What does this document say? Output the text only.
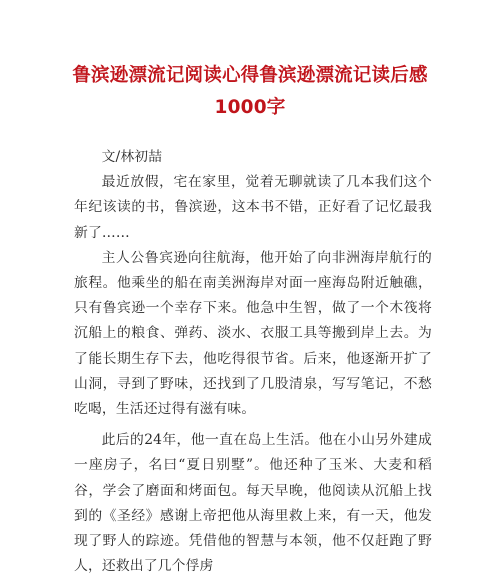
鲁滨逊漂流记阅读心得鲁滨逊漂流记读后感1000字

文/林初喆

最近放假，宅在家里，觉着无聊就读了几本我们这个年纪该读的书，鲁滨逊，这本书不错，正好看了记忆最我新了……

主人公鲁宾逊向往航海，他开始了向非洲海岸航行的旅程。他乘坐的船在南美洲海岸对面一座海岛附近触礁，只有鲁宾逊一个幸存下来。他急中生智，做了一个木筏将沉船上的粮食、弹药、淡水、衣服工具等搬到岸上去。为了能长期生存下去，他吃得很节省。后来，他逐渐开扩了山洞，寻到了野味，还找到了几股清泉，写写笔记，不愁吃喝，生活还过得有滋有味。

此后的24年，他一直在岛上生活。他在小山另外建成一座房子，名曰“夏日别墅”。他还种了玉米、大麦和稻谷，学会了磨面和烤面包。每天早晚，他阅读从沉船上找到的《圣经》感谢上帝把他从海里救上来，有一天，他发现了野人的踪迹。凭借他的智慧与本领，他不仅赶跑了野人，还救出了几个俘虏
